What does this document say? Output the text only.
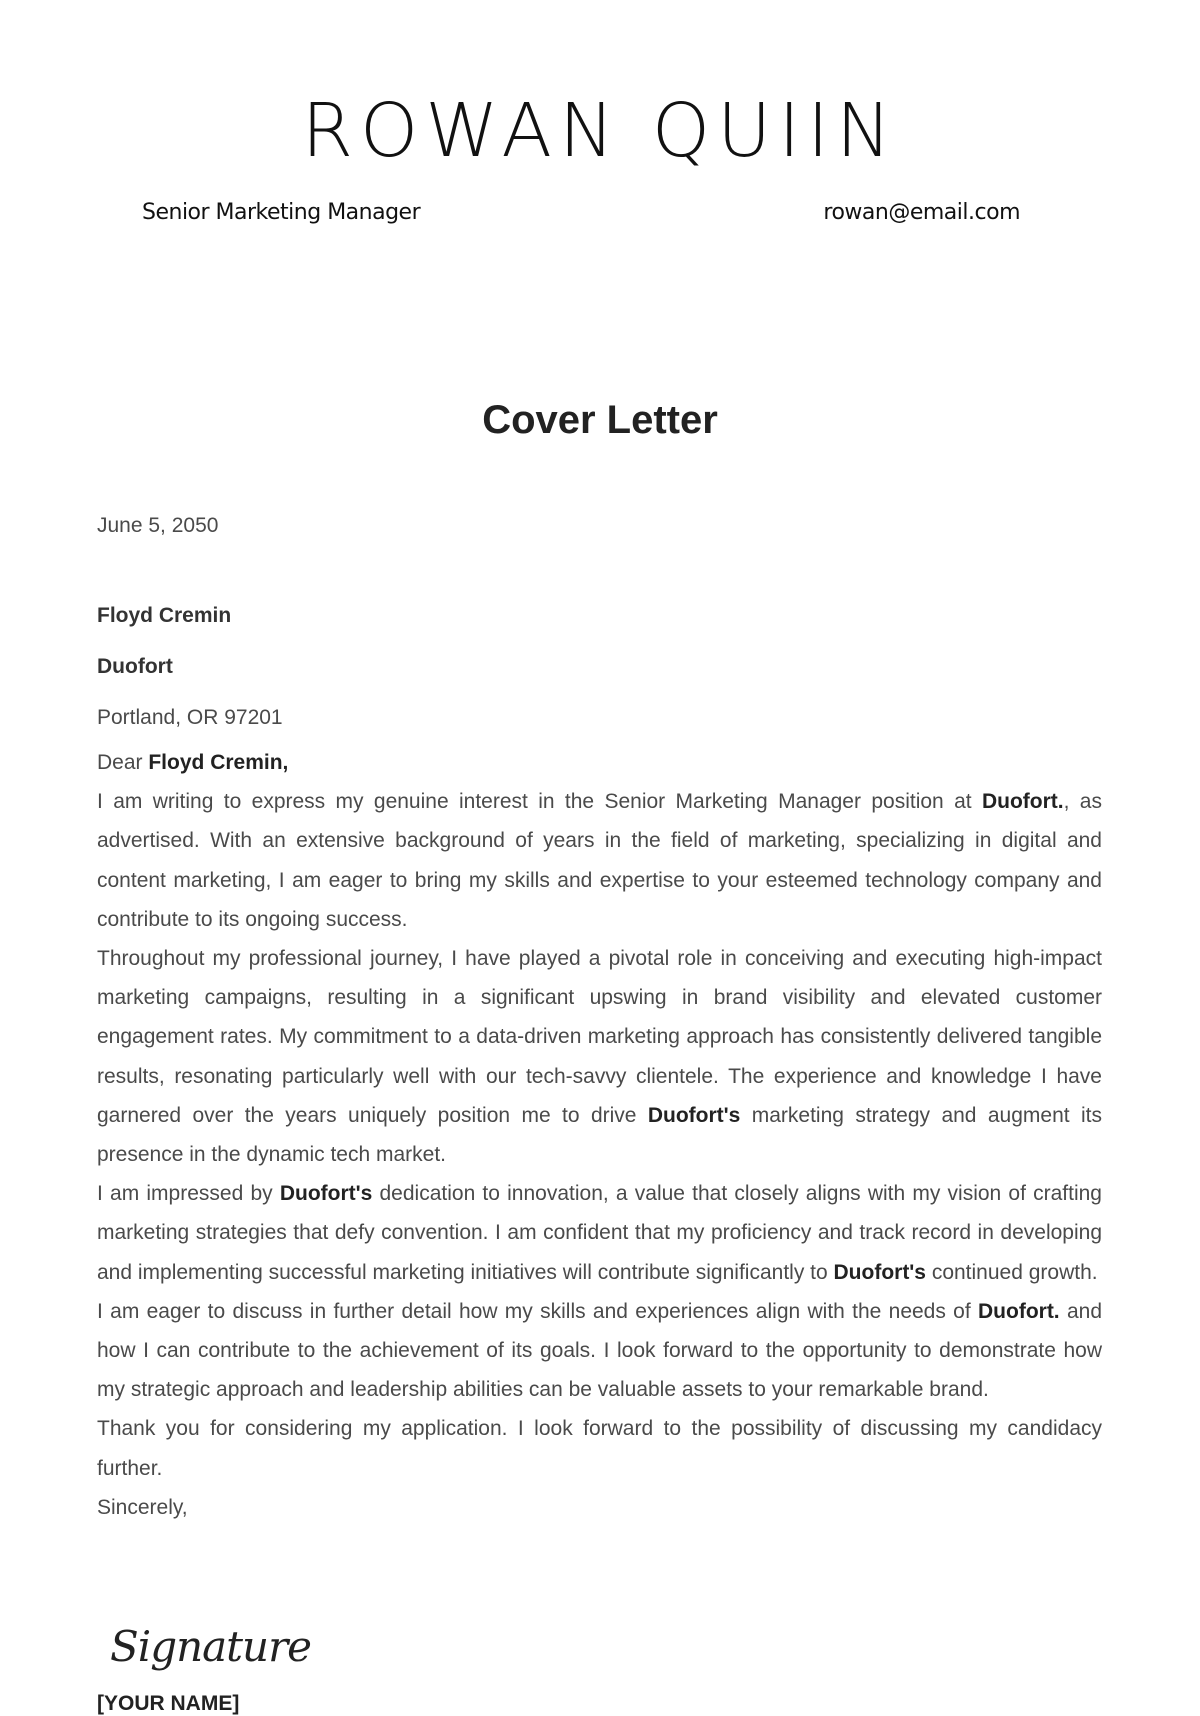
ROWAN QUIIN
Senior Marketing Manager	rowan@email.com
Cover Letter
June 5, 2050
Floyd Cremin
Duofort
Portland, OR 97201

Dear Floyd Cremin,

I am writing to express my genuine interest in the Senior Marketing Manager position at Duofort., as advertised. With an extensive background of years in the field of marketing, specializing in digital and content marketing, I am eager to bring my skills and expertise to your esteemed technology company and contribute to its ongoing success.

Throughout my professional journey, I have played a pivotal role in conceiving and executing high-impact marketing campaigns, resulting in a significant upswing in brand visibility and elevated customer engagement rates. My commitment to a data-driven marketing approach has consistently delivered tangible results, resonating particularly well with our tech-savvy clientele. The experience and knowledge I have garnered over the years uniquely position me to drive Duofort's marketing strategy and augment its presence in the dynamic tech market.

I am impressed by Duofort's dedication to innovation, a value that closely aligns with my vision of crafting marketing strategies that defy convention. I am confident that my proficiency and track record in developing and implementing successful marketing initiatives will contribute significantly to Duofort's continued growth.

I am eager to discuss in further detail how my skills and experiences align with the needs of Duofort. and how I can contribute to the achievement of its goals. I look forward to the opportunity to demonstrate how my strategic approach and leadership abilities can be valuable assets to your remarkable brand.

Thank you for considering my application. I look forward to the possibility of discussing my candidacy further.

Sincerely,

Signature
[YOUR NAME]
